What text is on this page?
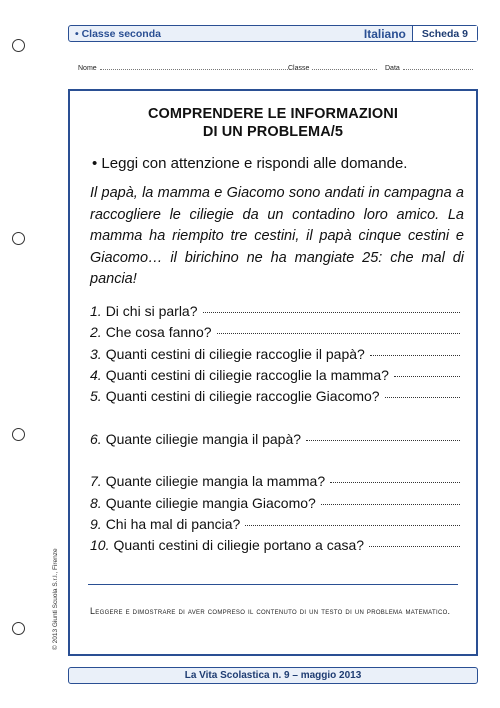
• Classe seconda	Italiano	Scheda 9
Nome	Classe	Data
COMPRENDERE LE INFORMAZIONI
DI UN PROBLEMA/5
• Leggi con attenzione e rispondi alle domande.
Il papà, la mamma e Giacomo sono andati in campagna a raccogliere le ciliegie da un contadino loro amico. La mamma ha riempito tre cestini, il papà cinque cestini e Giacomo… il birichino ne ha mangiate 25: che mal di pancia!
1. Di chi si parla?
2. Che cosa fanno?
3. Quanti cestini di ciliegie raccoglie il papà?
4. Quanti cestini di ciliegie raccoglie la mamma?
5. Quanti cestini di ciliegie raccoglie Giacomo?
6. Quante ciliegie mangia il papà?
7. Quante ciliegie mangia la mamma?
8. Quante ciliegie mangia Giacomo?
9. Chi ha mal di pancia?
10. Quanti cestini di ciliegie portano a casa?
Leggere e dimostrare di aver compreso il contenuto di un testo di un problema matematico.
© 2013 Giunti Scuola S.r.l., Firenze
La Vita Scolastica n. 9 – maggio 2013
